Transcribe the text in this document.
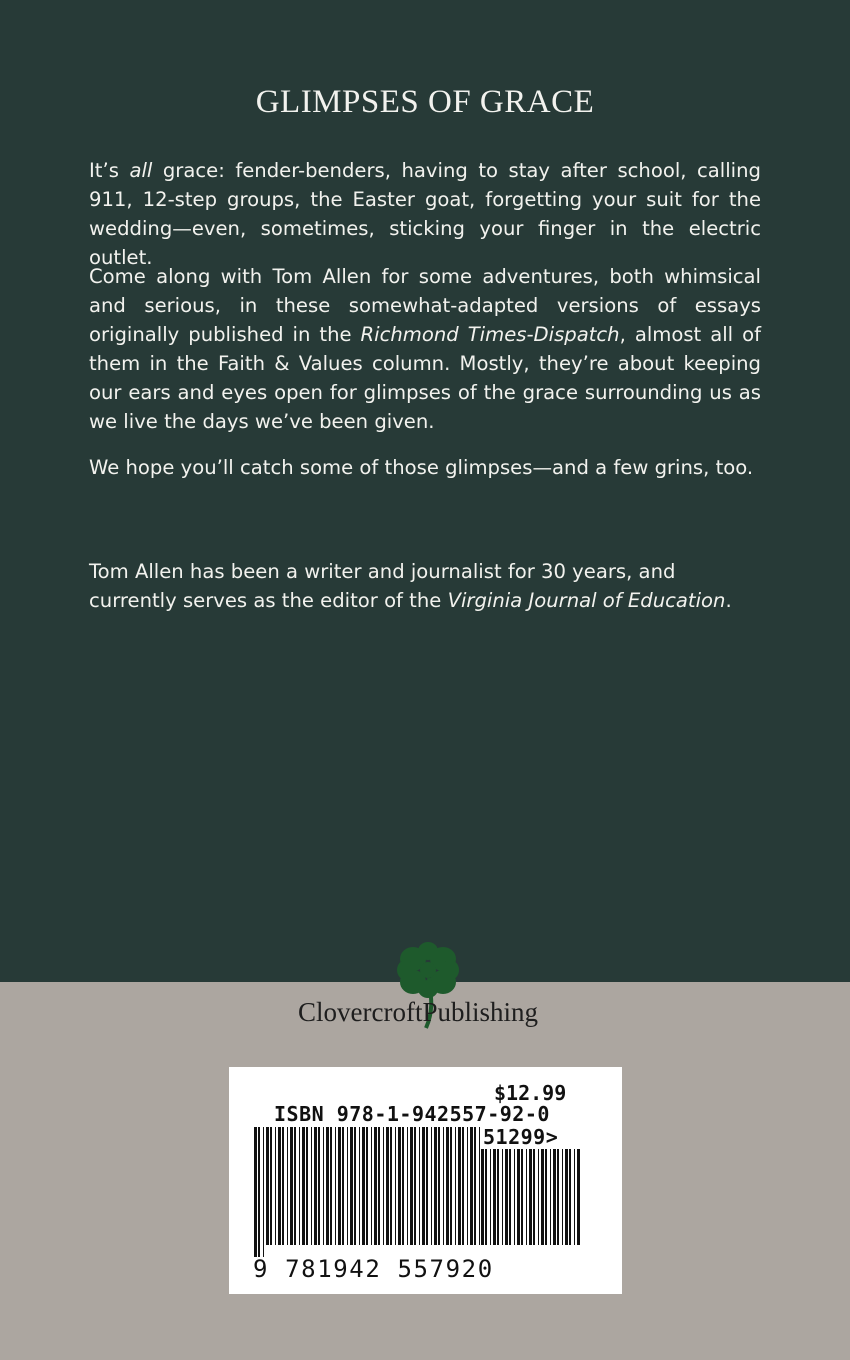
GLIMPSES OF GRACE

It’s all grace: fender-benders, having to stay after school, calling 911, 12-step groups, the Easter goat, forgetting your suit for the wedding—even, sometimes, sticking your finger in the electric outlet.

Come along with Tom Allen for some adventures, both whimsical and serious, in these somewhat-adapted versions of essays originally published in the Richmond Times-Dispatch, almost all of them in the Faith & Values column. Mostly, they’re about keeping our ears and eyes open for glimpses of the grace surrounding us as we live the days we’ve been given.

We hope you’ll catch some of those glimpses—and a few grins, too.

Tom Allen has been a writer and journalist for 30 years, and currently serves as the editor of the Virginia Journal of Education.

ClovercroftPublishing
$12.99
ISBN 978-1-942557-92-0
51299>
9 781942 557920
